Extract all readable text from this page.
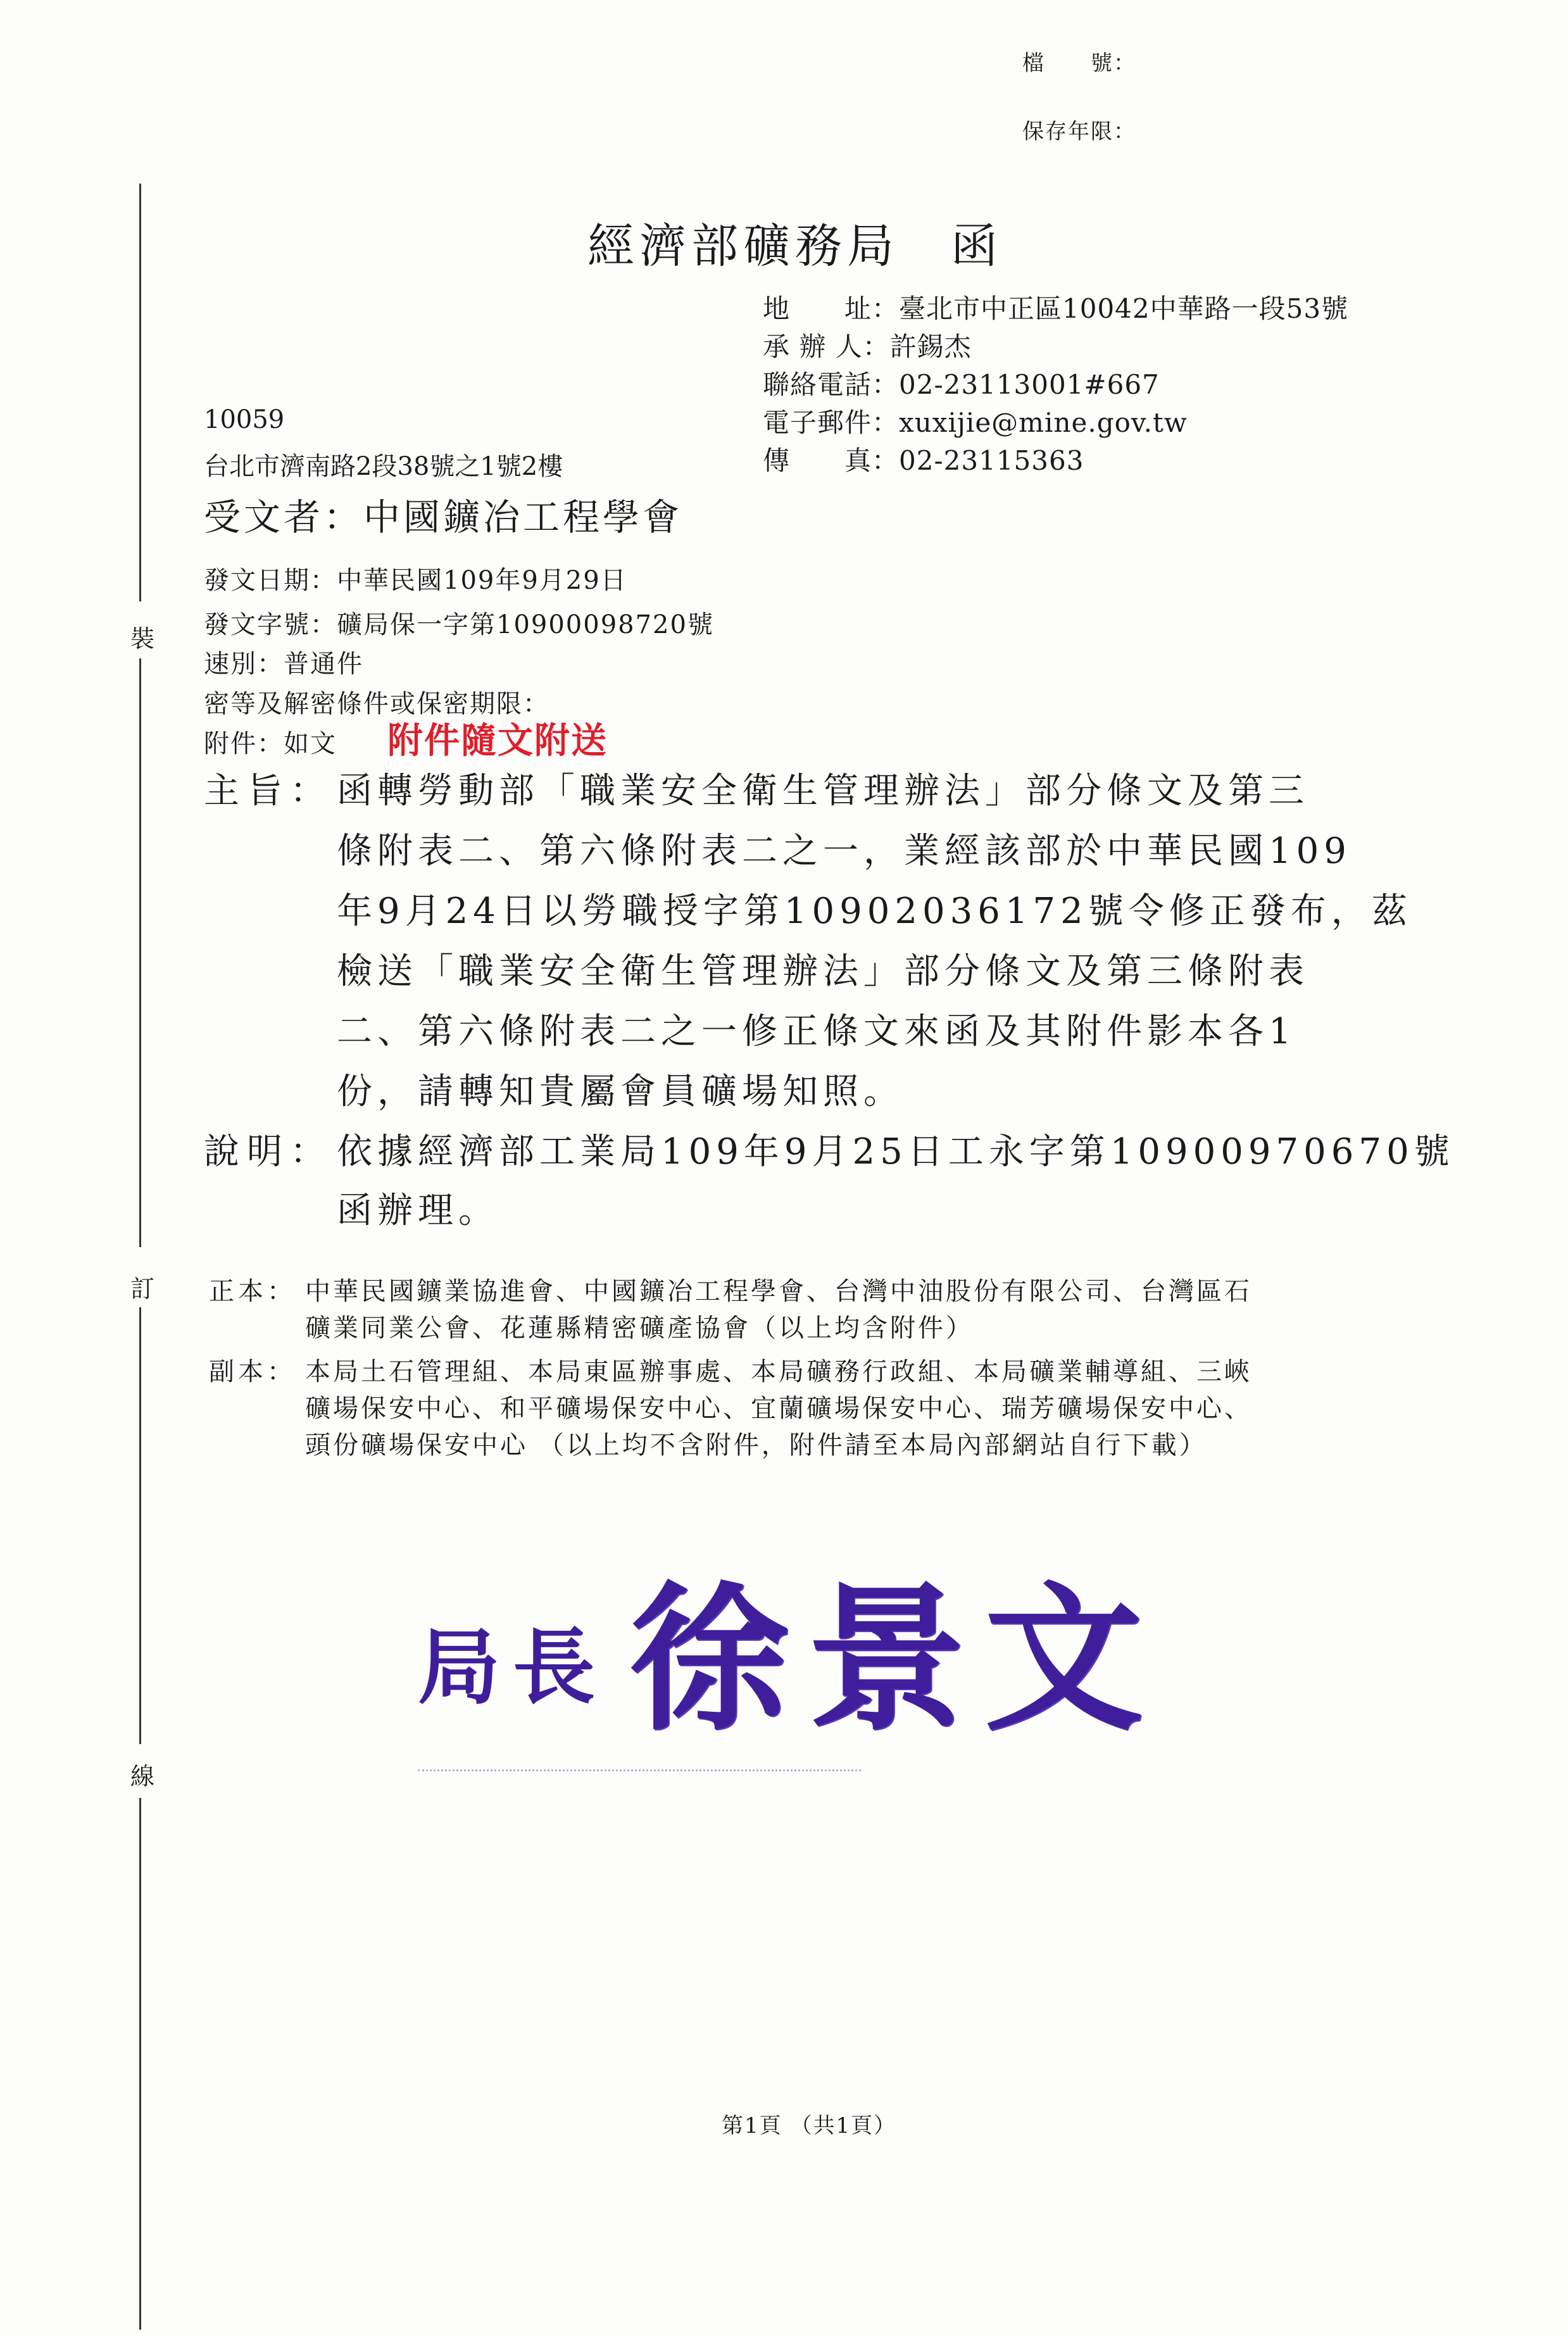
檔　　號：
保存年限：
裝
訂
線
經濟部礦務局　函
地　　址：臺北市中正區10042中華路一段53號
承 辦 人：許錫杰
聯絡電話：02-23113001#667
電子郵件：xuxijie@mine.gov.tw
傳　　真：02-23115363
10059
台北市濟南路2段38號之1號2樓
受文者：中國鑛冶工程學會
發文日期：中華民國109年9月29日
發文字號：礦局保一字第10900098720號
速別：普通件
密等及解密條件或保密期限：
附件：如文 附件隨文附送
主旨： 函轉勞動部「職業安全衛生管理辦法」部分條文及第三
條附表二、第六條附表二之一，業經該部於中華民國109
年9月24日以勞職授字第10902036172號令修正發布，茲
檢送「職業安全衛生管理辦法」部分條文及第三條附表
二、第六條附表二之一修正條文來函及其附件影本各1
份，請轉知貴屬會員礦場知照。
說明： 依據經濟部工業局109年9月25日工永字第10900970670號
函辦理。
正本： 中華民國鑛業協進會、中國鑛冶工程學會、台灣中油股份有限公司、台灣區石
礦業同業公會、花蓮縣精密礦產協會（以上均含附件）
副本： 本局土石管理組、本局東區辦事處、本局礦務行政組、本局礦業輔導組、三峽
礦場保安中心、和平礦場保安中心、宜蘭礦場保安中心、瑞芳礦場保安中心、
頭份礦場保安中心 （以上均不含附件，附件請至本局內部網站自行下載）
局長 徐景文
第1頁 （共1頁）
